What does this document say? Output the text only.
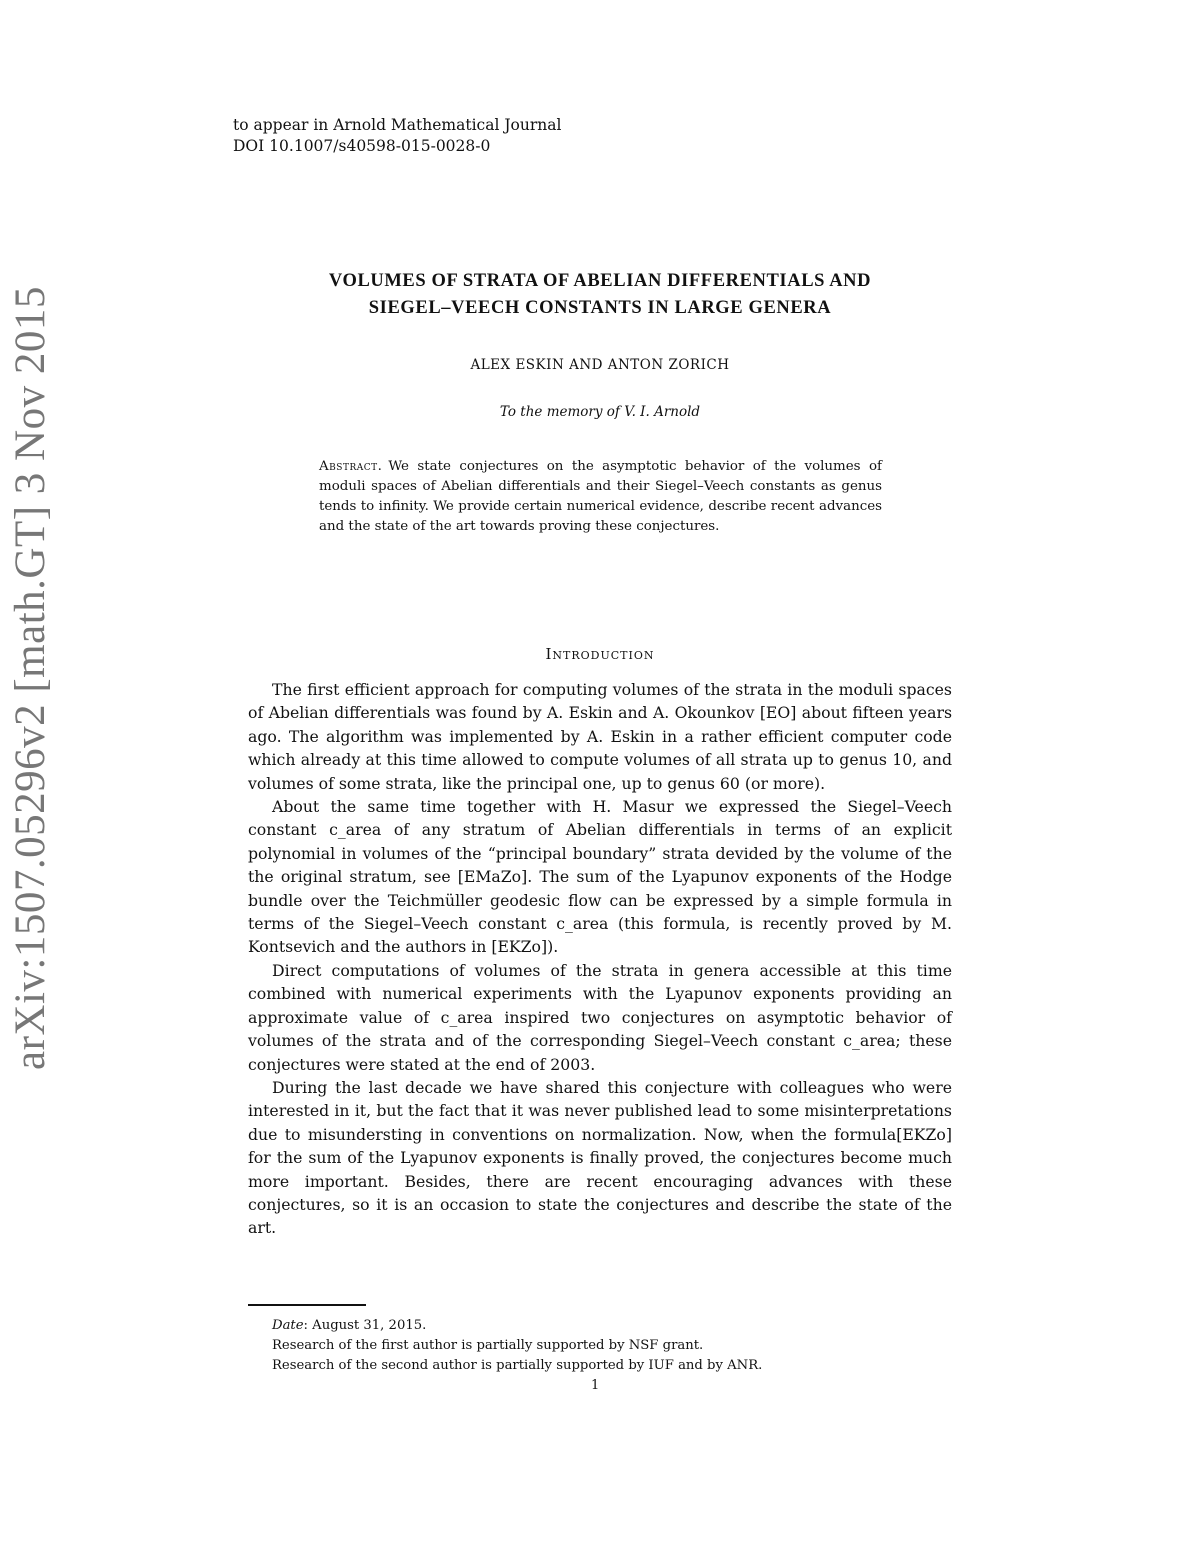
arXiv:1507.05296v2 [math.GT] 3 Nov 2015
to appear in Arnold Mathematical Journal
DOI 10.1007/s40598-015-0028-0
VOLUMES OF STRATA OF ABELIAN DIFFERENTIALS AND
SIEGEL–VEECH CONSTANTS IN LARGE GENERA
ALEX ESKIN AND ANTON ZORICH
To the memory of V. I. Arnold
Abstract. We state conjectures on the asymptotic behavior of the volumes of moduli spaces of Abelian differentials and their Siegel–Veech constants as genus tends to infinity. We provide certain numerical evidence, describe recent advances and the state of the art towards proving these conjectures.
Introduction

The first efficient approach for computing volumes of the strata in the moduli spaces of Abelian differentials was found by A. Eskin and A. Okounkov [EO] about fifteen years ago. The algorithm was implemented by A. Eskin in a rather efficient computer code which already at this time allowed to compute volumes of all strata up to genus 10, and volumes of some strata, like the principal one, up to genus 60 (or more).

About the same time together with H. Masur we expressed the Siegel–Veech constant c_area of any stratum of Abelian differentials in terms of an explicit polynomial in volumes of the “principal boundary” strata devided by the volume of the the original stratum, see [EMaZo]. The sum of the Lyapunov exponents of the Hodge bundle over the Teichmüller geodesic flow can be expressed by a simple formula in terms of the Siegel–Veech constant c_area (this formula, is recently proved by M. Kontsevich and the authors in [EKZo]).

Direct computations of volumes of the strata in genera accessible at this time combined with numerical experiments with the Lyapunov exponents providing an approximate value of c_area inspired two conjectures on asymptotic behavior of volumes of the strata and of the corresponding Siegel–Veech constant c_area; these conjectures were stated at the end of 2003.

During the last decade we have shared this conjecture with colleagues who were interested in it, but the fact that it was never published lead to some misinterpretations due to misundersting in conventions on normalization. Now, when the formula[EKZo] for the sum of the Lyapunov exponents is finally proved, the conjectures become much more important. Besides, there are recent encouraging advances with these conjectures, so it is an occasion to state the conjectures and describe the state of the art.

Date: August 31, 2015.
Research of the first author is partially supported by NSF grant.
Research of the second author is partially supported by IUF and by ANR.
1
